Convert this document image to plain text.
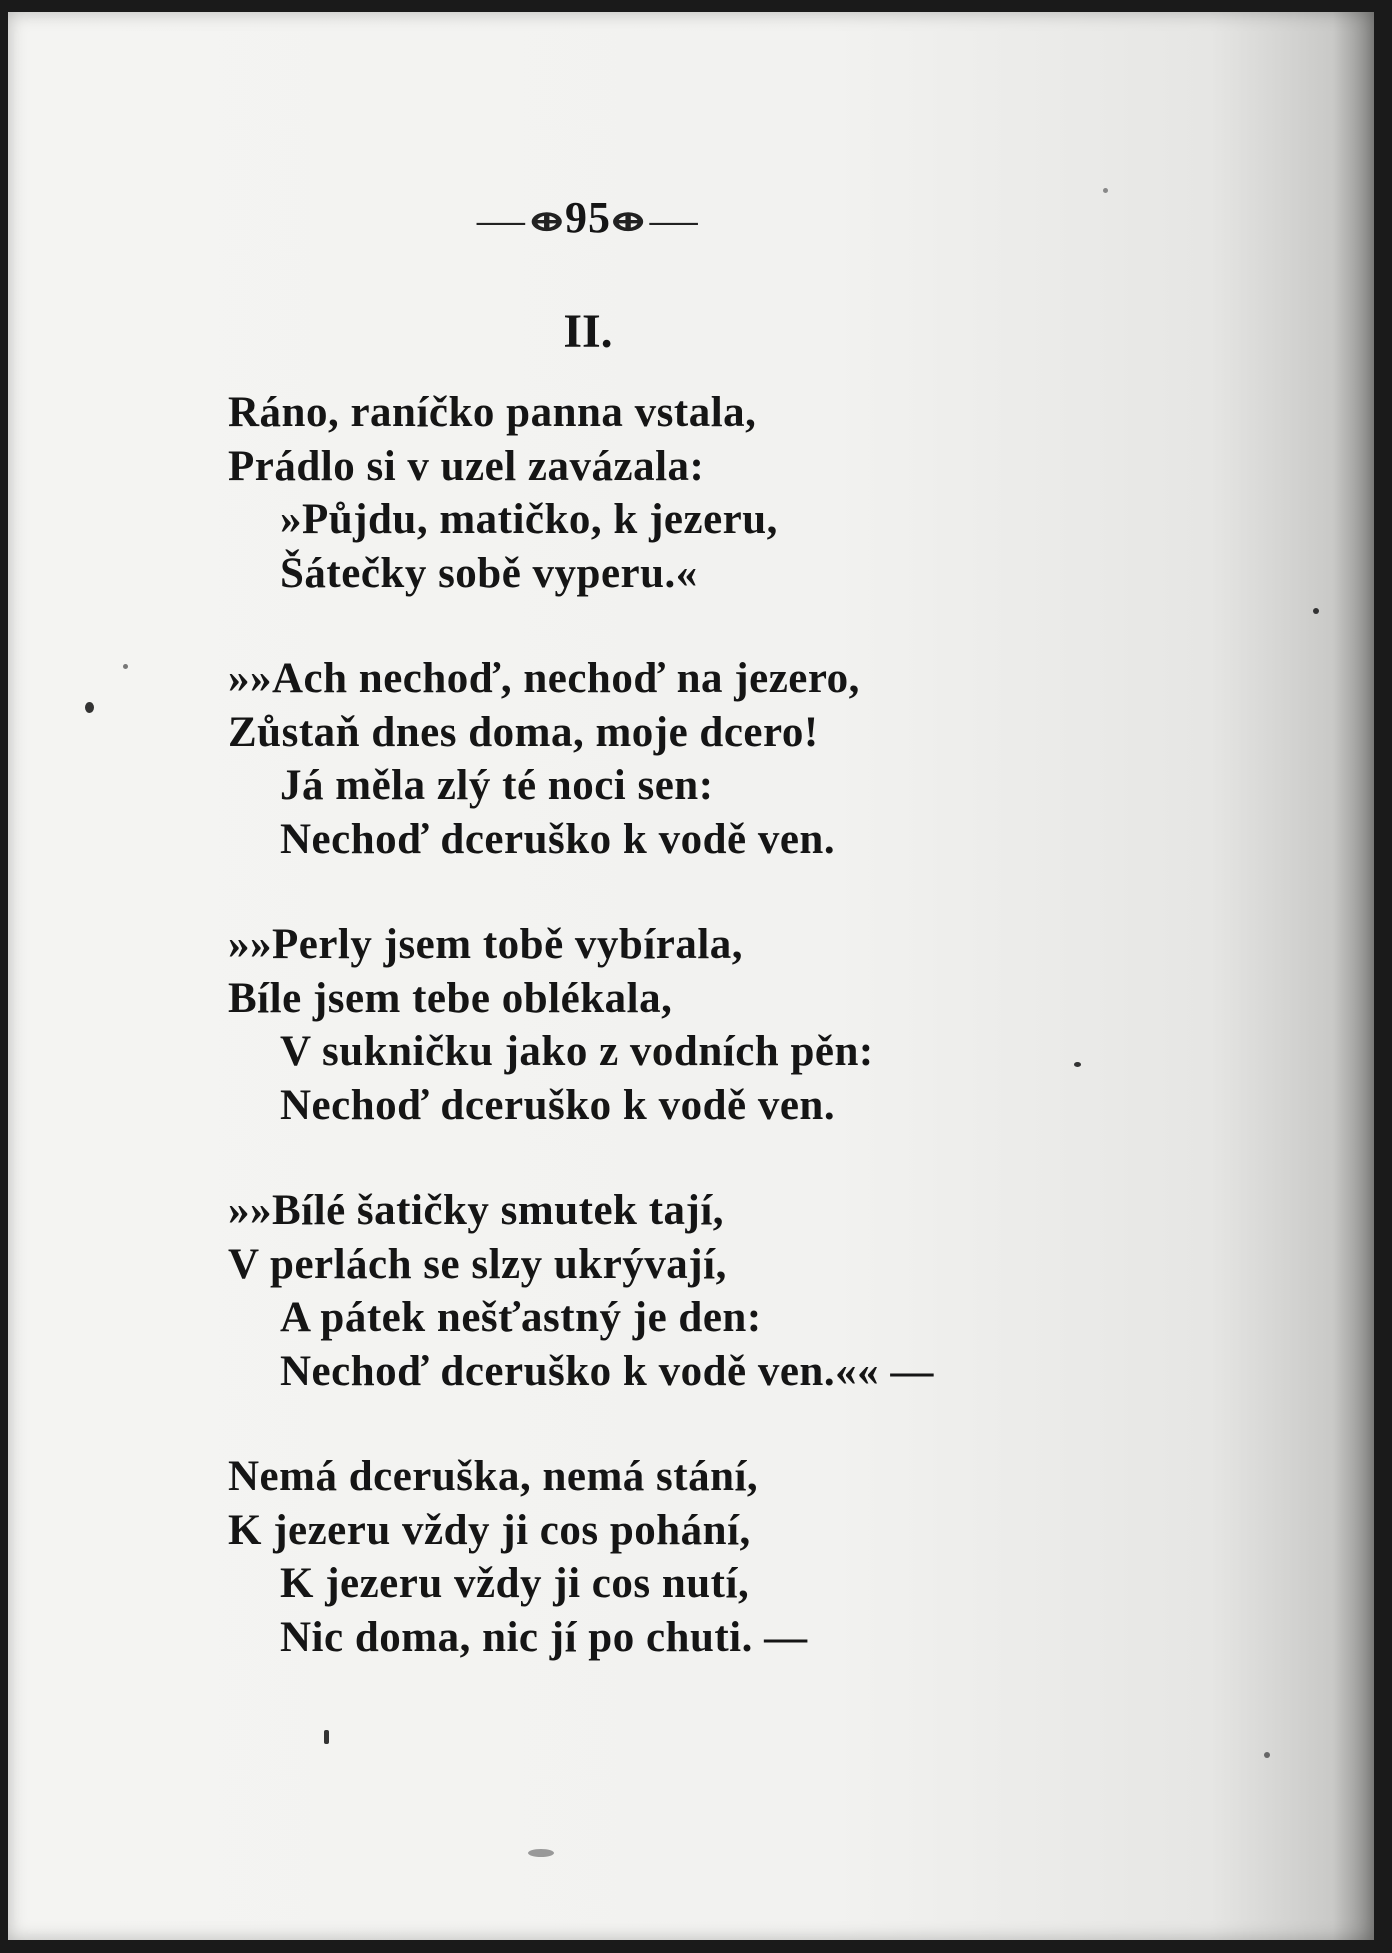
—⊕95⊕—
II.
Ráno, raníčko panna vstala,
Prádlo si v uzel zavázala:
»Půjdu, matičko, k jezeru,
Šátečky sobě vyperu.«
»»Ach nechoď, nechoď na jezero,
Zůstaň dnes doma, moje dcero!
Já měla zlý té noci sen:
Nechoď dceruško k vodě ven.
»»Perly jsem tobě vybírala,
Bíle jsem tebe oblékala,
V sukničku jako z vodních pěn:
Nechoď dceruško k vodě ven.
»»Bílé šatičky smutek tají,
V perlách se slzy ukrývají,
A pátek nešťastný je den:
Nechoď dceruško k vodě ven.«« —
Nemá dceruška, nemá stání,
K jezeru vždy ji cos pohání,
K jezeru vždy ji cos nutí,
Nic doma, nic jí po chuti. —
